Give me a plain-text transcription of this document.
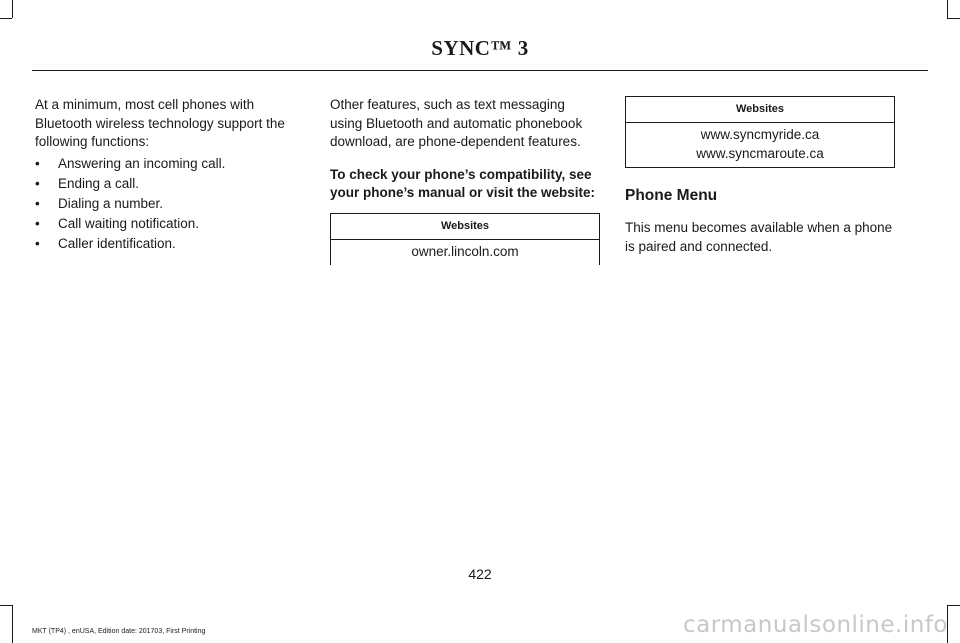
SYNC™ 3

At a minimum, most cell phones with Bluetooth wireless technology support the following functions:

• Answering an incoming call.
• Ending a call.
• Dialing a number.
• Call waiting notification.
• Caller identification.

Other features, such as text messaging using Bluetooth and automatic phonebook download, are phone-dependent features.

To check your phone’s compatibility, see your phone’s manual or visit the website:

Websites
owner.lincoln.com
Websites
www.syncmyride.ca
www.syncmaroute.ca
Phone Menu

This menu becomes available when a phone is paired and connected.

422
MKT (TP4) , enUSA, Edition date: 201703, First Printing	carmanualsonline.info
